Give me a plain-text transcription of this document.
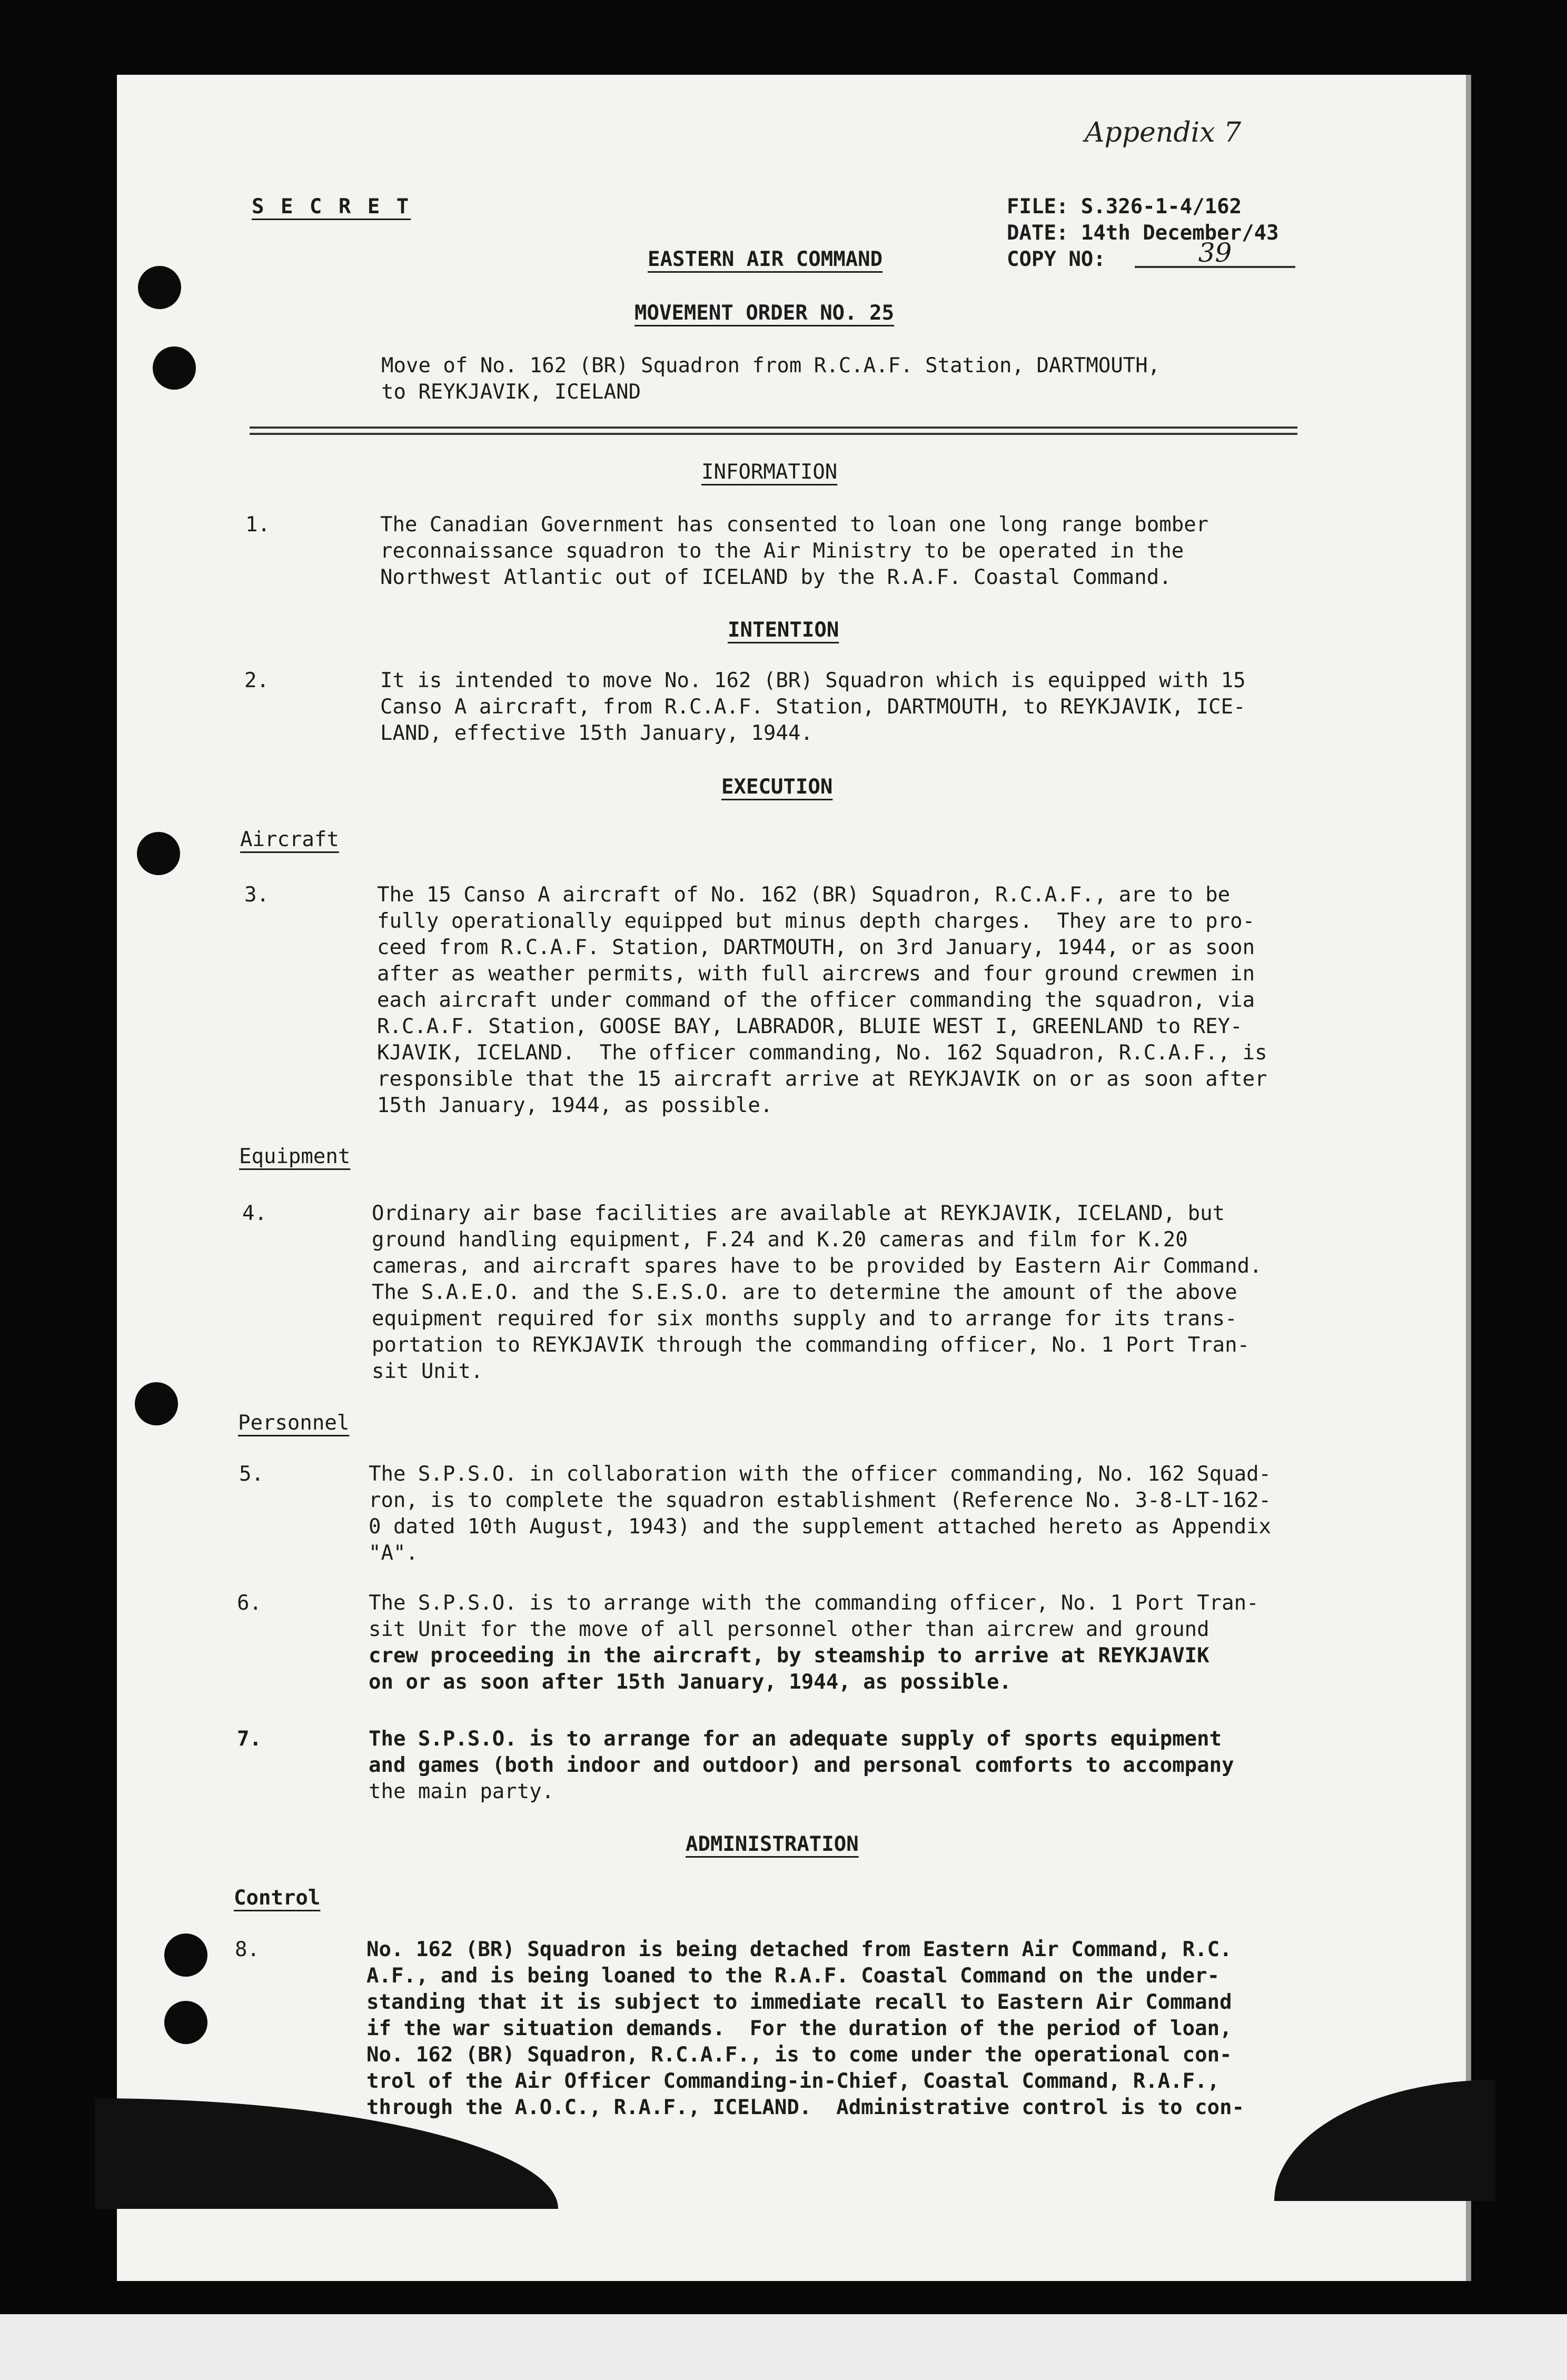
Appendix 7
S E C R E T	FILE: S.326-1-4/162
DATE: 14th December/43
COPY NO:	39
EASTERN AIR COMMAND
MOVEMENT ORDER NO. 25
Move of No. 162 (BR) Squadron from R.C.A.F. Station, DARTMOUTH,
to REYKJAVIK, ICELAND
INFORMATION
1.	The Canadian Government has consented to loan one long range bomber
reconnaissance squadron to the Air Ministry to be operated in the
Northwest Atlantic out of ICELAND by the R.A.F. Coastal Command.
INTENTION
2.	It is intended to move No. 162 (BR) Squadron which is equipped with 15
Canso A aircraft, from R.C.A.F. Station, DARTMOUTH, to REYKJAVIK, ICE-
LAND, effective 15th January, 1944.
EXECUTION
Aircraft
3.	The 15 Canso A aircraft of No. 162 (BR) Squadron, R.C.A.F., are to be
fully operationally equipped but minus depth charges.  They are to pro-
ceed from R.C.A.F. Station, DARTMOUTH, on 3rd January, 1944, or as soon
after as weather permits, with full aircrews and four ground crewmen in
each aircraft under command of the officer commanding the squadron, via
R.C.A.F. Station, GOOSE BAY, LABRADOR, BLUIE WEST I, GREENLAND to REY-
KJAVIK, ICELAND.  The officer commanding, No. 162 Squadron, R.C.A.F., is
responsible that the 15 aircraft arrive at REYKJAVIK on or as soon after
15th January, 1944, as possible.
Equipment
4.	Ordinary air base facilities are available at REYKJAVIK, ICELAND, but
ground handling equipment, F.24 and K.20 cameras and film for K.20
cameras, and aircraft spares have to be provided by Eastern Air Command.
The S.A.E.O. and the S.E.S.O. are to determine the amount of the above
equipment required for six months supply and to arrange for its trans-
portation to REYKJAVIK through the commanding officer, No. 1 Port Tran-
sit Unit.
Personnel
5.	The S.P.S.O. in collaboration with the officer commanding, No. 162 Squad-
ron, is to complete the squadron establishment (Reference No. 3-8-LT-162-
0 dated 10th August, 1943) and the supplement attached hereto as Appendix
"A".
6.	The S.P.S.O. is to arrange with the commanding officer, No. 1 Port Tran-
sit Unit for the move of all personnel other than aircrew and ground
crew proceeding in the aircraft, by steamship to arrive at REYKJAVIK
on or as soon after 15th January, 1944, as possible.
7.	The S.P.S.O. is to arrange for an adequate supply of sports equipment
and games (both indoor and outdoor) and personal comforts to accompany
the main party.
ADMINISTRATION
Control
8.	No. 162 (BR) Squadron is being detached from Eastern Air Command, R.C.
A.F., and is being loaned to the R.A.F. Coastal Command on the under-
standing that it is subject to immediate recall to Eastern Air Command
if the war situation demands.  For the duration of the period of loan,
No. 162 (BR) Squadron, R.C.A.F., is to come under the operational con-
trol of the Air Officer Commanding-in-Chief, Coastal Command, R.A.F.,
through the A.O.C., R.A.F., ICELAND.  Administrative control is to con-
